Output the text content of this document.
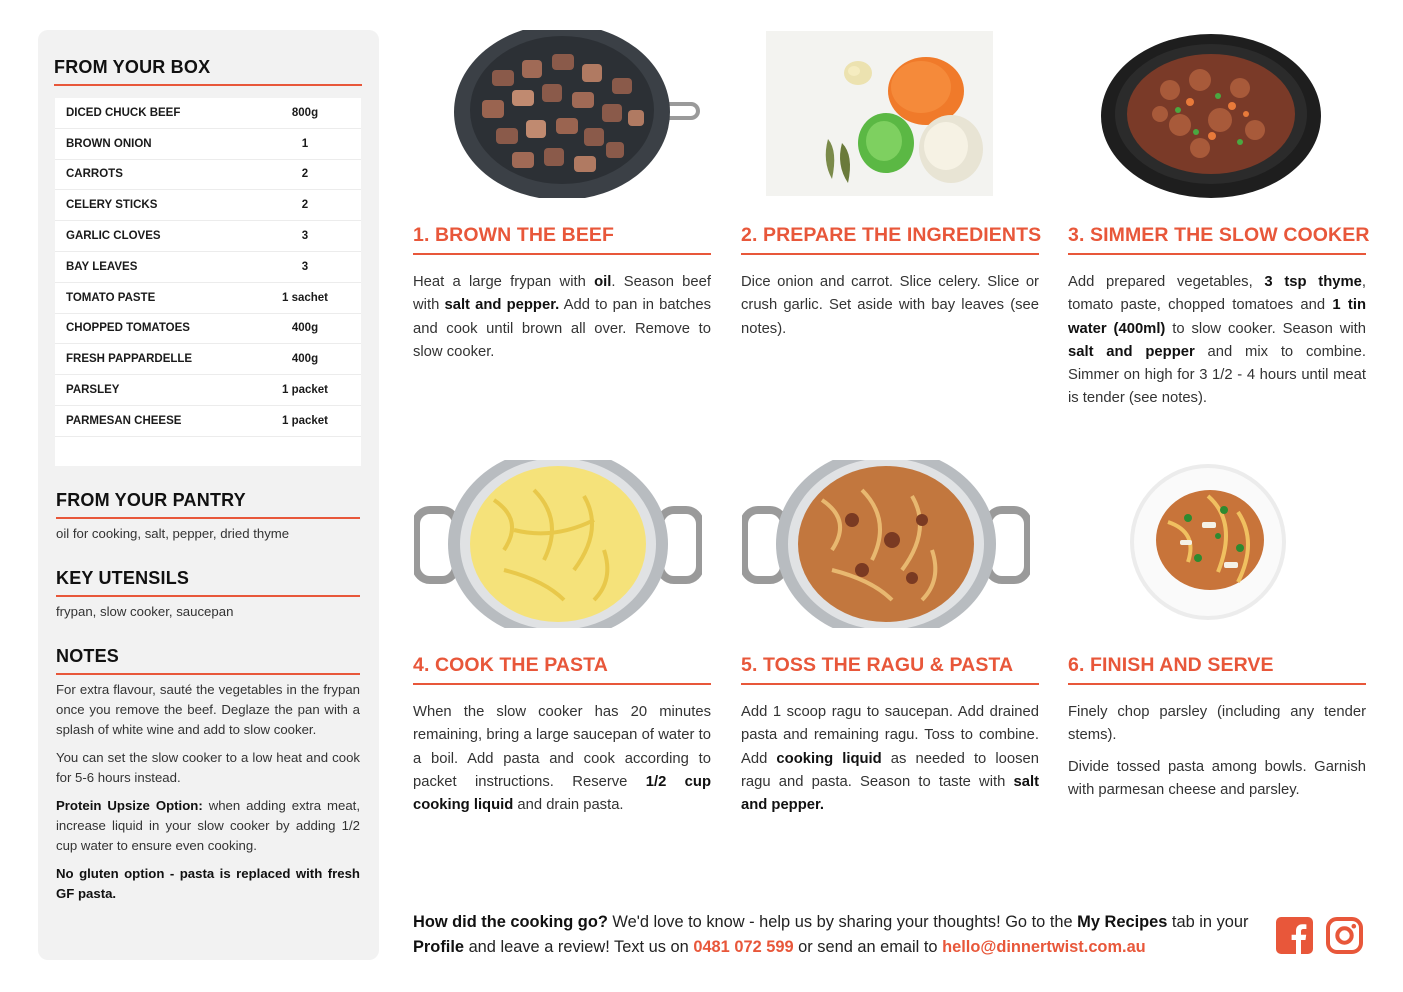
FROM YOUR BOX
DICED CHUCK BEEF	800g
BROWN ONION	1
CARROTS	2
CELERY STICKS	2
GARLIC CLOVES	3
BAY LEAVES	3
TOMATO PASTE	1 sachet
CHOPPED TOMATOES	400g
FRESH PAPPARDELLE	400g
PARSLEY	1 packet
PARMESAN CHEESE	1 packet
FROM YOUR PANTRY
oil for cooking, salt, pepper, dried thyme
KEY UTENSILS
frypan, slow cooker, saucepan
NOTES

For extra flavour, sauté the vegetables in the frypan once you remove the beef. Deglaze the pan with a splash of white wine and add to slow cooker.

You can set the slow cooker to a low heat and cook for 5-6 hours instead.

Protein Upsize Option: when adding extra meat, increase liquid in your slow cooker by adding 1/2 cup water to ensure even cooking.

No gluten option - pasta is replaced with fresh GF pasta.

1. BROWN THE BEEF
Heat a large frypan with oil. Season beef with salt and pepper. Add to pan in batches and cook until brown all over. Remove to slow cooker.
2. PREPARE THE INGREDIENTS
Dice onion and carrot. Slice celery. Slice or crush garlic. Set aside with bay leaves (see notes).
3. SIMMER THE SLOW COOKER
Add prepared vegetables, 3 tsp thyme, tomato paste, chopped tomatoes and 1 tin water (400ml) to slow cooker. Season with salt and pepper and mix to combine. Simmer on high for 3 1/2 - 4 hours until meat is tender (see notes).
4. COOK THE PASTA
When the slow cooker has 20 minutes remaining, bring a large saucepan of water to a boil. Add pasta and cook according to packet instructions. Reserve 1/2 cup cooking liquid and drain pasta.
5. TOSS THE RAGU & PASTA
Add 1 scoop ragu to saucepan. Add drained pasta and remaining ragu. Toss to combine. Add cooking liquid as needed to loosen ragu and pasta. Season to taste with salt and pepper.
6. FINISH AND SERVE

Finely chop parsley (including any tender stems).

Divide tossed pasta among bowls. Garnish with parmesan cheese and parsley.

How did the cooking go? We'd love to know - help us by sharing your thoughts! Go to the My Recipes tab in your Profile and leave a review! Text us on 0481 072 599 or send an email to hello@dinnertwist.com.au
